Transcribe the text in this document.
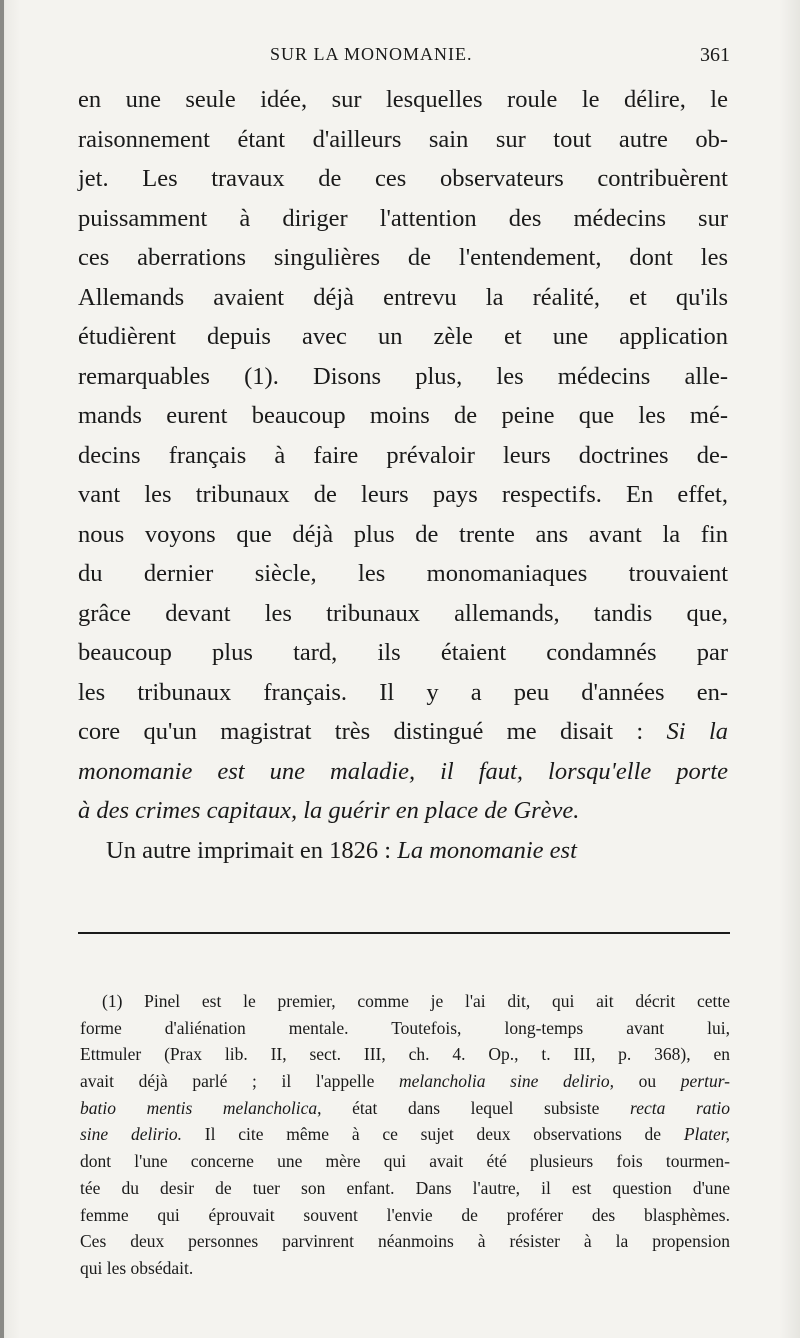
SUR LA MONOMANIE.	361
en une seule idée, sur lesquelles roule le délire, le
raisonnement étant d'ailleurs sain sur tout autre ob-
jet. Les travaux de ces observateurs contribuèrent
puissamment à diriger l'attention des médecins sur
ces aberrations singulières de l'entendement, dont les
Allemands avaient déjà entrevu la réalité, et qu'ils
étudièrent depuis avec un zèle et une application
remarquables (1). Disons plus, les médecins alle-
mands eurent beaucoup moins de peine que les mé-
decins français à faire prévaloir leurs doctrines de-
vant les tribunaux de leurs pays respectifs. En effet,
nous voyons que déjà plus de trente ans avant la fin
du dernier siècle, les monomaniaques trouvaient
grâce devant les tribunaux allemands, tandis que,
beaucoup plus tard, ils étaient condamnés par
les tribunaux français. Il y a peu d'années en-
core qu'un magistrat très distingué me disait : Si la
monomanie est une maladie, il faut, lorsqu'elle porte
à des crimes capitaux, la guérir en place de Grève.
Un autre imprimait en 1826 : La monomanie est
(1) Pinel est le premier, comme je l'ai dit, qui ait décrit cette
forme d'aliénation mentale. Toutefois, long-temps avant lui,
Ettmuler (Prax lib. II, sect. III, ch. 4. Op., t. III, p. 368), en
avait déjà parlé ; il l'appelle melancholia sine delirio, ou pertur-
batio mentis melancholica, état dans lequel subsiste recta ratio
sine delirio. Il cite même à ce sujet deux observations de Plater,
dont l'une concerne une mère qui avait été plusieurs fois tourmen-
tée du desir de tuer son enfant. Dans l'autre, il est question d'une
femme qui éprouvait souvent l'envie de proférer des blasphèmes.
Ces deux personnes parvinrent néanmoins à résister à la propension
qui les obsédait.
